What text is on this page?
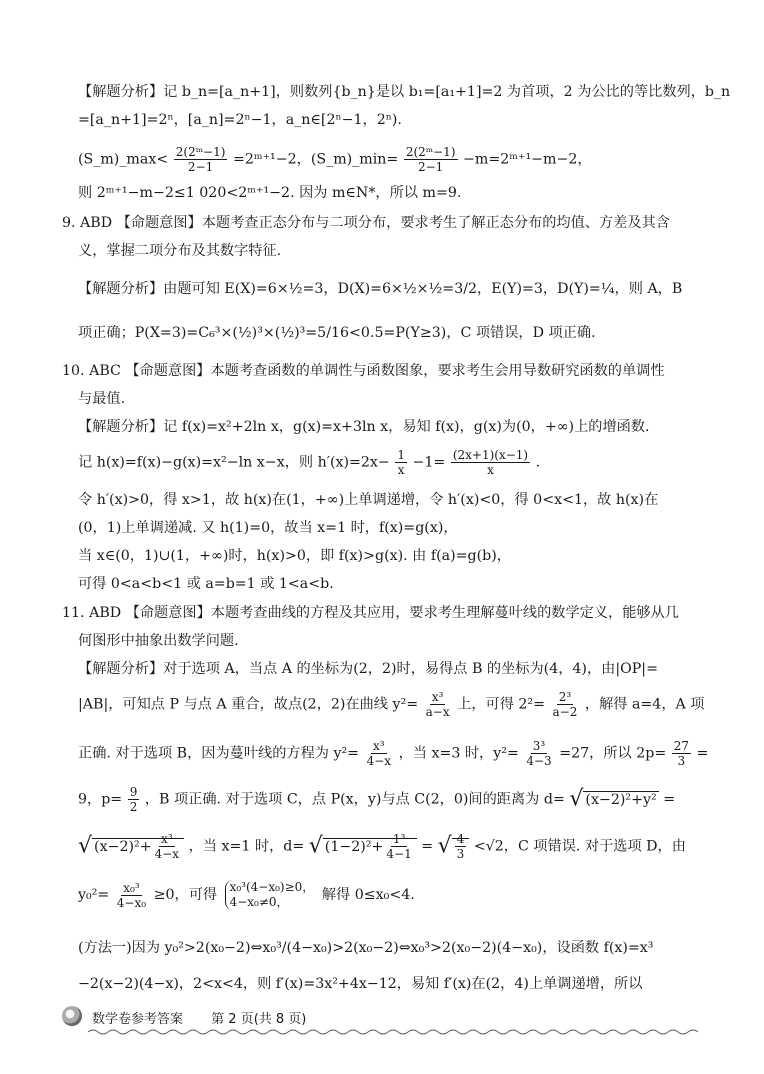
【解题分析】记 b_n=[a_n+1]，则数列{b_n}是以 b₁=[a₁+1]=2 为首项，2 为公比的等比数列，b_n
=[a_n+1]=2ⁿ，[a_n]=2ⁿ−1，a_n∈[2ⁿ−1，2ⁿ).
(S_m)_max< $\frac{\text{2(2ᵐ−1)}}{2-1}$ =2ᵐ⁺¹−2，(S_m)_min= $\frac{\text{2(2ᵐ−1)}}{2-1}$ −m=2ᵐ⁺¹−m−2，
则 2ᵐ⁺¹−m−2≤1 020<2ᵐ⁺¹−2. 因为 m∈N*，所以 m=9.
9. ABD 【命题意图】本题考查正态分布与二项分布，要求考生了解正态分布的均值、方差及其含
义，掌握二项分布及其数字特征.
【解题分析】由题可知 E(X)=6×½=3，D(X)=6×½×½=3/2，E(Y)=3，D(Y)=¼，则 A，B
项正确；P(X=3)=C₆³×(½)³×(½)³=5/16<0.5=P(Y≥3)，C 项错误，D 项正确.
10. ABC 【命题意图】本题考查函数的单调性与函数图象，要求考生会用导数研究函数的单调性
与最值.
【解题分析】记 f(x)=x²+2ln x，g(x)=x+3ln x，易知 f(x)，g(x)为(0，+∞)上的增函数.
记 h(x)=f(x)−g(x)=x²−ln x−x，则 $h'(x)=2x- \frac{1}{x} -1= \frac{(2x+1)(x-1)}{x}$ .
令 h′(x)>0，得 x>1，故 h(x)在(1，+∞)上单调递增，令 h′(x)<0，得 0<x<1，故 h(x)在
(0，1)上单调递减. 又 h(1)=0，故当 x=1 时，f(x)=g(x)，
当 x∈(0，1)∪(1，+∞)时，h(x)>0，即 f(x)>g(x). 由 f(a)=g(b)，
可得 0<a<b<1 或 a=b=1 或 1<a<b.
11. ABD 【命题意图】本题考查曲线的方程及其应用，要求考生理解蔓叶线的数学定义，能够从几
何图形中抽象出数学问题.
【解题分析】对于选项 A，当点 A 的坐标为(2，2)时，易得点 B 的坐标为(4，4)，由|OP|=
|AB|，可知点 P 与点 A 重合，故点(2，2)在曲线 $y^2= \frac{\text{x³}}{a-x}$ 上，可得 $2^2= \frac{\text{2³}}{a-2}$ ，解得 a=4，A 项
正确. 对于选项 B，因为蔓叶线的方程为 $y^2= \frac{\text{x³}}{4-x}$ ，当 x=3 时，$y^2= \frac{\text{3³}}{4-3} =27$，所以 $2p= \frac{27}{3}$ =
9，$p= \frac{9}{2}$ ，B 项正确. 对于选项 C，点 P(x，y)与点 C(2，0)间的距离为 d= √ (x−2)²+y² =
√ $(x-2)^2+ \frac{\text{x³}}{4-x}$ ，当 x=1 时，d= √ $(1-2)^2+ \frac{\text{1³}}{4-1}$ = √ $\frac{4}{3} <√2$，C 项错误. 对于选项 D，由
$y_0^2= \frac{\text{x₀³}}{\text{4−x₀}} \ge 0$，可得 x₀³(4−x₀)≥0，
4−x₀≠0，	解得 0≤x₀<4.
(方法一)因为 y₀²>2(x₀−2)⇔x₀³/(4−x₀)>2(x₀−2)⇔x₀³>2(x₀−2)(4−x₀)，设函数 f(x)=x³
−2(x−2)(4−x)，2<x<4，则 f′(x)=3x²+4x−12，易知 f′(x)在(2，4)上单调递增，所以
数学卷参考答案 第 2 页(共 8 页)
